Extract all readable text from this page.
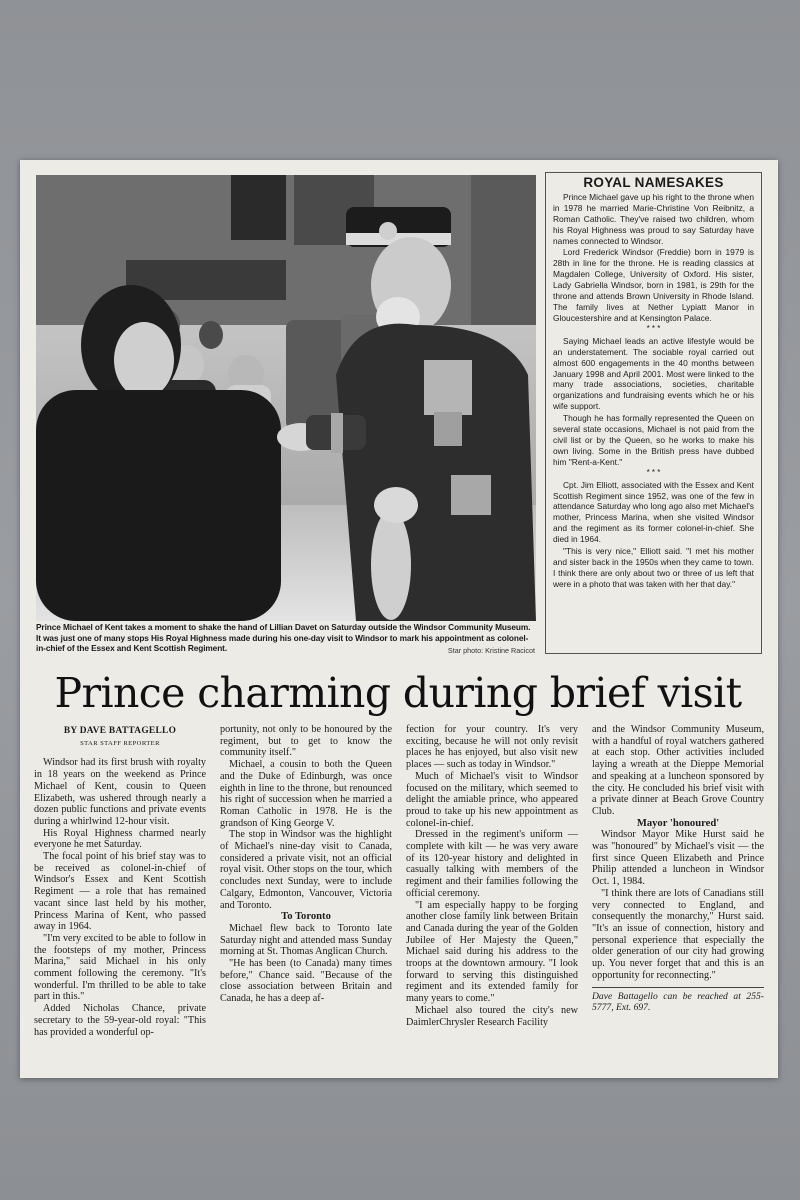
Prince Michael of Kent takes a moment to shake the hand of Lillian Davet on Saturday outside the Windsor Community Museum. It was just one of many stops His Royal Highness made during his one-day visit to Windsor to mark his appointment as colonel-in-chief of the Essex and Kent Scottish Regiment.	Star photo: Kristine Racicot
ROYAL NAMESAKES

Prince Michael gave up his right to the throne when in 1978 he married Marie-Christine Von Reibnitz, a Roman Catholic. They've raised two children, whom his Royal Highness was proud to say Saturday have names connected to Windsor.

Lord Frederick Windsor (Freddie) born in 1979 is 28th in line for the throne. He is reading classics at Magdalen College, University of Oxford. His sister, Lady Gabriella Windsor, born in 1981, is 29th for the throne and attends Brown University in Rhode Island. The family lives at Nether Lypiatt Manor in Gloucestershire and at Kensington Palace.

* * *

Saying Michael leads an active lifestyle would be an understatement. The sociable royal carried out almost 600 engagements in the 40 months between January 1998 and April 2001. Most were linked to the many trade associations, societies, charitable organizations and fundraising events which he or his wife support.

Though he has formally represented the Queen on several state occasions, Michael is not paid from the civil list or by the Queen, so he works to make his own living. Some in the British press have dubbed him "Rent-a-Kent."

* * *

Cpt. Jim Elliott, associated with the Essex and Kent Scottish Regiment since 1952, was one of the few in attendance Saturday who long ago also met Michael's mother, Princess Marina, when she visited Windsor and the regiment as its former colonel-in-chief. She died in 1964.

"This is very nice," Elliott said. "I met his mother and sister back in the 1950s when they came to town. I think there are only about two or three of us left that were in a photo that was taken with her that day."

Prince charming during brief visit
BY DAVE BATTAGELLO
STAR STAFF REPORTER

Windsor had its first brush with royalty in 18 years on the weekend as Prince Michael of Kent, cousin to Queen Elizabeth, was ushered through nearly a dozen public functions and private events during a whirlwind 12-hour visit.

His Royal Highness charmed nearly everyone he met Saturday.

The focal point of his brief stay was to be received as colonel-in-chief of Windsor's Essex and Kent Scottish Regiment — a role that has remained vacant since last held by his mother, Princess Marina of Kent, who passed away in 1964.

"I'm very excited to be able to follow in the footsteps of my mother, Princess Marina," said Michael in his only comment following the ceremony. "It's wonderful. I'm thrilled to be able to take part in this."

Added Nicholas Chance, private secretary to the 59-year-old royal: "This has provided a wonderful op-

portunity, not only to be honoured by the regiment, but to get to know the community itself."

Michael, a cousin to both the Queen and the Duke of Edinburgh, was once eighth in line to the throne, but renounced his right of succession when he married a Roman Catholic in 1978. He is the grandson of King George V.

The stop in Windsor was the highlight of Michael's nine-day visit to Canada, considered a private visit, not an official royal visit. Other stops on the tour, which concludes next Sunday, were to include Calgary, Edmonton, Vancouver, Victoria and Toronto.

To Toronto

Michael flew back to Toronto late Saturday night and attended mass Sunday morning at St. Thomas Anglican Church.

"He has been (to Canada) many times before," Chance said. "Because of the close association between Britain and Canada, he has a deep af-

fection for your country. It's very exciting, because he will not only revisit places he has enjoyed, but also visit new places — such as today in Windsor."

Much of Michael's visit to Windsor focused on the military, which seemed to delight the amiable prince, who appeared proud to take up his new appointment as colonel-in-chief.

Dressed in the regiment's uniform — complete with kilt — he was very aware of its 120-year history and delighted in casually talking with members of the regiment and their families following the official ceremony.

"I am especially happy to be forging another close family link between Britain and Canada during the year of the Golden Jubilee of Her Majesty the Queen," Michael said during his address to the troops at the downtown armoury. "I look forward to serving this distinguished regiment and its extended family for many years to come."

Michael also toured the city's new DaimlerChrysler Research Facility

and the Windsor Community Museum, with a handful of royal watchers gathered at each stop. Other activities included laying a wreath at the Dieppe Memorial and speaking at a luncheon sponsored by the city. He concluded his brief visit with a private dinner at Beach Grove Country Club.

Mayor 'honoured'

Windsor Mayor Mike Hurst said he was "honoured" by Michael's visit — the first since Queen Elizabeth and Prince Philip attended a luncheon in Windsor Oct. 1, 1984.

"I think there are lots of Canadians still very connected to England, and consequently the monarchy," Hurst said. "It's an issue of connection, history and personal experience that especially the older generation of our city had growing up. You never forget that and this is an opportunity for reconnecting."

Dave Battagello can be reached at 255-5777, Ext. 697.
